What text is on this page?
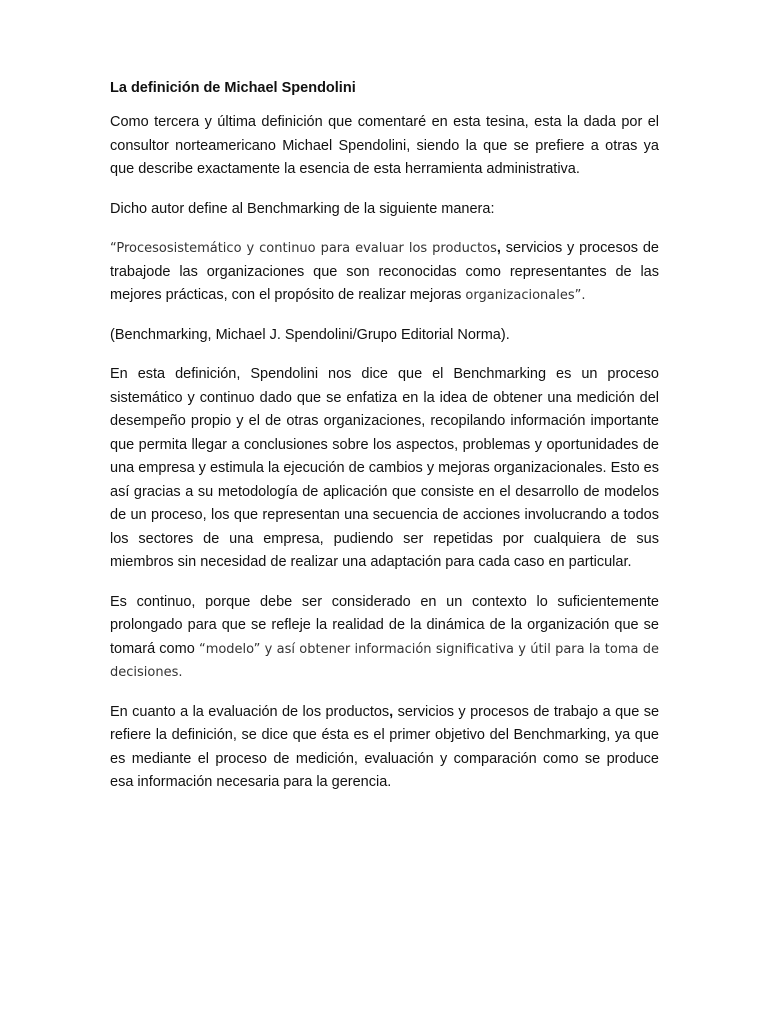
La definición de Michael Spendolini

Como tercera y última definición que comentaré en esta tesina, esta la dada por el consultor norteamericano Michael Spendolini, siendo la que se prefiere a otras ya que describe exactamente la esencia de esta herramienta administrativa.

Dicho autor define al Benchmarking de la siguiente manera:

“Procesosistemático y continuo para evaluar los productos, servicios y procesos de trabajode las organizaciones que son reconocidas como representantes de las mejores prácticas, con el propósito de realizar mejoras organizacionales”.

(Benchmarking, Michael J. Spendolini/Grupo Editorial Norma).

En esta definición, Spendolini nos dice que el Benchmarking es un proceso sistemático y continuo dado que se enfatiza en la idea de obtener una medición del desempeño propio y el de otras organizaciones, recopilando información importante que permita llegar a conclusiones sobre los aspectos, problemas y oportunidades de una empresa y estimula la ejecución de cambios y mejoras organizacionales. Esto es así gracias a su metodología de aplicación que consiste en el desarrollo de modelos de un proceso, los que representan una secuencia de acciones involucrando a todos los sectores de una empresa, pudiendo ser repetidas por cualquiera de sus miembros sin necesidad de realizar una adaptación para cada caso en particular.

Es continuo, porque debe ser considerado en un contexto lo suficientemente prolongado para que se refleje la realidad de la dinámica de la organización que se tomará como “modelo” y así obtener información significativa y útil para la toma de decisiones.

En cuanto a la evaluación de los productos, servicios y procesos de trabajo a que se refiere la definición, se dice que ésta es el primer objetivo del Benchmarking, ya que es mediante el proceso de medición, evaluación y comparación como se produce esa información necesaria para la gerencia.
